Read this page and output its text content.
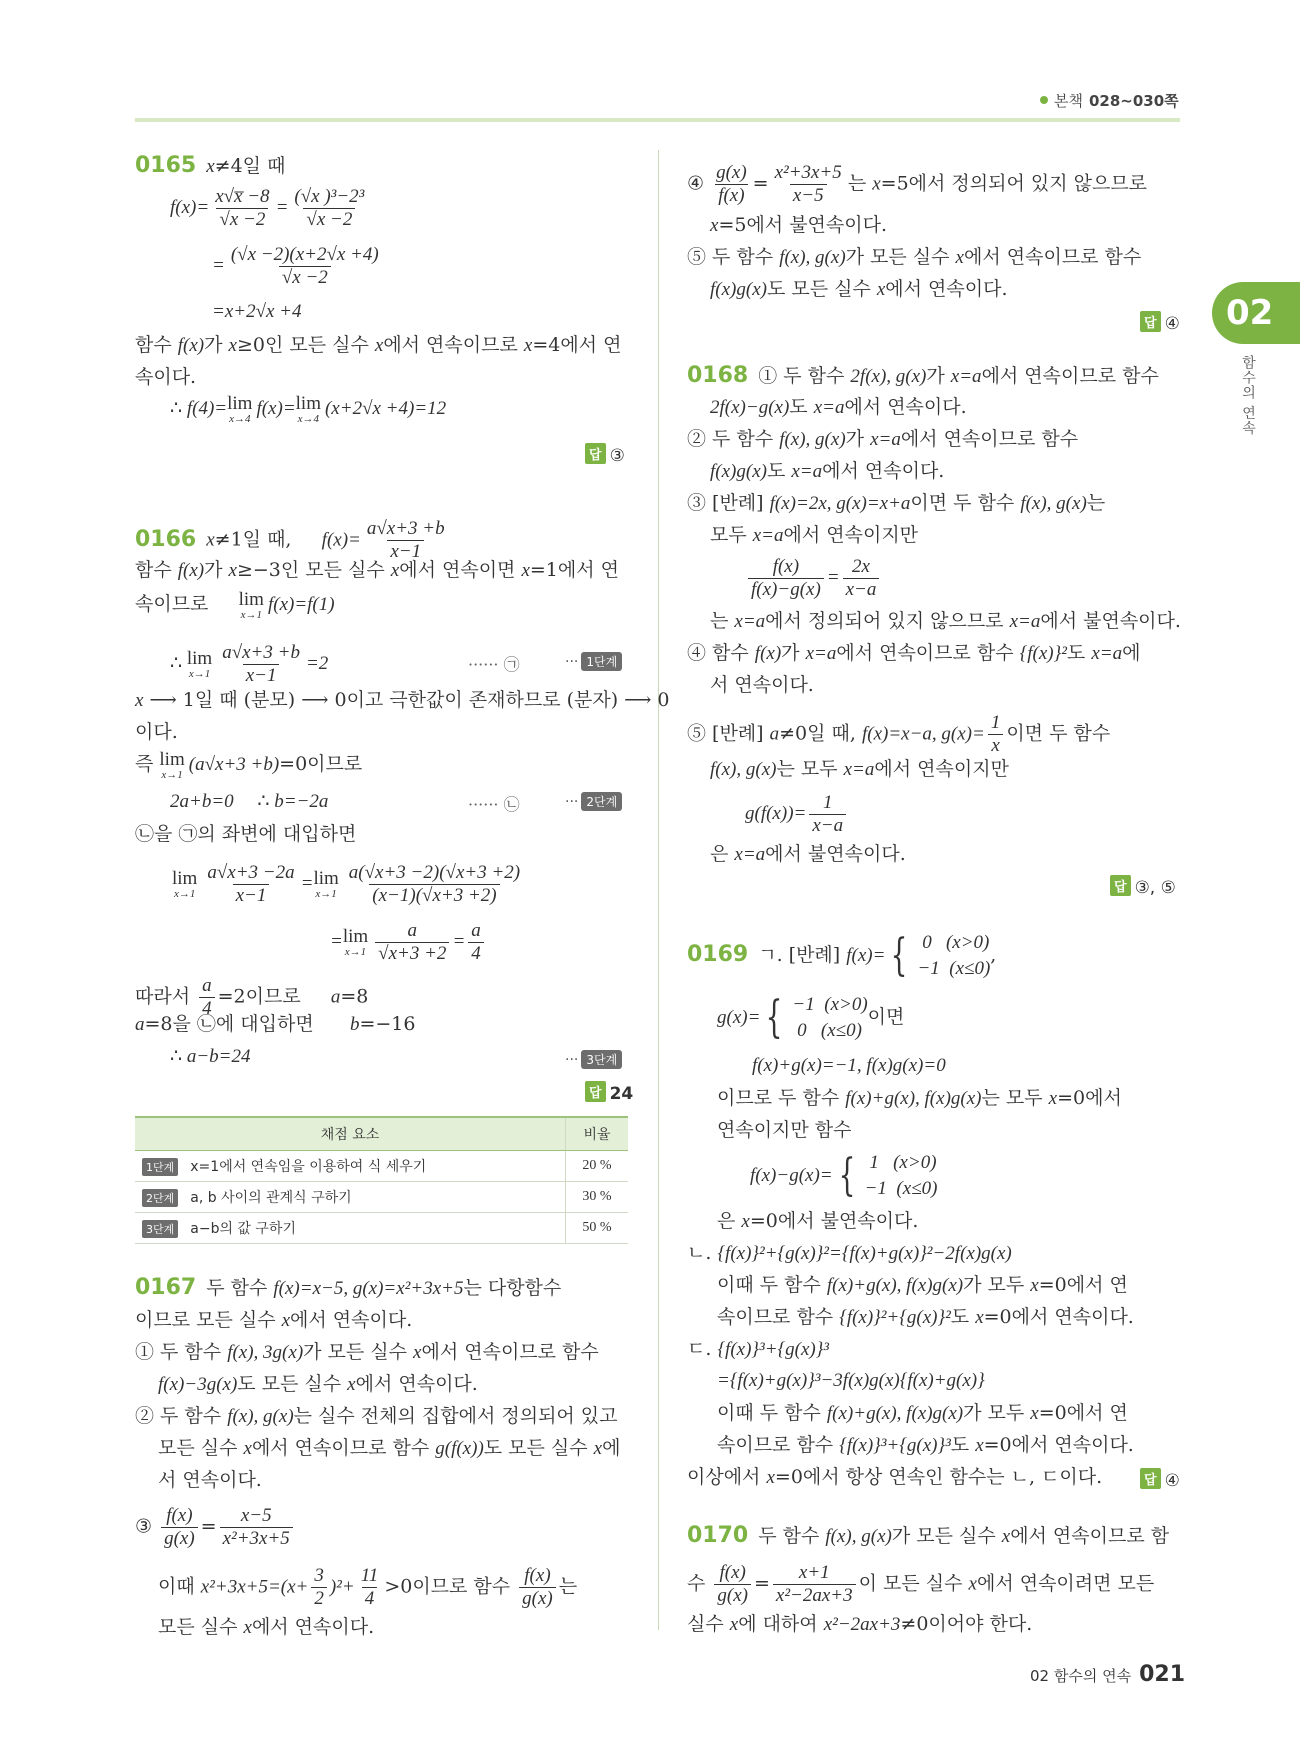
본책 028~030쪽
02
함수의 연속
0165 x≠4일 때
$f(x)= \frac{x√x̅ -8}{√x -2} = \frac{\text{(√x )³−2³}}{√x -2}$
= $\frac{(√x -2)(x+2√x +4)}{√x -2}$
=x+2√x +4
함수 f(x)가 x≥0인 모든 실수 x에서 연속이므로 x=4에서 연
속이다.
∴ f(4)= lim
x→4
f(x)= lim
x→4
(x+2√x +4)=12
답 ③
0166 x≠1일 때,     $f(x)= \frac{a√x+3 +b}{x-1}$
함수 f(x)가 x≥−3인 모든 실수 x에서 연속이면 x=1에서 연
속이므로 lim
x→1
f(x)=f(1)
∴ lim
$x\to 1 \frac{a√x+3 +b}{x-1} =2$	······ ㉠	··· 1단계
x ⟶ 1일 때 (분모) ⟶ 0이고 극한값이 존재하므로 (분자) ⟶ 0
이다.
즉 lim
x→1
(a√x+3 +b)=0이므로
2a+b=0     ∴ b=−2a	······ ㉡	··· 2단계
㉡을 ㉠의 좌변에 대입하면
lim
$x\to 1 \frac{a√x+3 -2a}{x-1} = \lim$
$x\to 1 \frac{a(√x+3 -2)(√x+3 +2)}{(x-1)(√x+3 +2)}$
= lim
$x\to 1 \frac{a}{√x+3 +2} = \frac{a}{4}$
따라서 $\frac{a}{4} =2$이므로     a=8
a=8을 ㉡에 대입하면      b=−16
∴ a−b=24	··· 3단계
답 24
채점 요소	비율
1단계 x=1에서 연속임을 이용하여 식 세우기	20 %
2단계 a, b 사이의 관계식 구하기	30 %
3단계 a−b의 값 구하기	50 %
0167 두 함수 f(x)=x−5, g(x)=x²+3x+5는 다항함수
이므로 모든 실수 x에서 연속이다.
① 두 함수 f(x), 3g(x)가 모든 실수 x에서 연속이므로 함수
f(x)−3g(x)도 모든 실수 x에서 연속이다.
② 두 함수 f(x), g(x)는 실수 전체의 집합에서 정의되어 있고
모든 실수 x에서 연속이므로 함수 g(f(x))도 모든 실수 x에
서 연속이다.
③ $\frac{f(x)}{g(x)} = \frac{x-5}{\text{x²+3x+5}}$
이때 $x^2+3x+5=(x+ \frac{3}{2} )^2+ \frac{11}{4} >0$이므로 함수 $\frac{f(x)}{g(x)}$ 는
모든 실수 x에서 연속이다.
④ $\frac{g(x)}{f(x)} = \frac{\text{x²+3x+5}}{x-5}$ 는 x=5에서 정의되어 있지 않으므로
x=5에서 불연속이다.
⑤ 두 함수 f(x), g(x)가 모든 실수 x에서 연속이므로 함수
f(x)g(x)도 모든 실수 x에서 연속이다.
답 ④
0168 ① 두 함수 2f(x), g(x)가 x=a에서 연속이므로 함수
2f(x)−g(x)도 x=a에서 연속이다.
② 두 함수 f(x), g(x)가 x=a에서 연속이므로 함수
f(x)g(x)도 x=a에서 연속이다.
③ [반례] f(x)=2x, g(x)=x+a이면 두 함수 f(x), g(x)는
모두 x=a에서 연속이지만
$\frac{f(x)}{f(x)-g(x)} = \frac{2x}{x-a}$
는 x=a에서 정의되어 있지 않으므로 x=a에서 불연속이다.
④ 함수 f(x)가 x=a에서 연속이므로 함수 {f(x)}²도 x=a에
서 연속이다.
⑤ [반례] a≠0일 때, f(x)=x−a, $g(x)= \frac{1}{x}$ 이면 두 함수
f(x), g(x)는 모두 x=a에서 연속이지만
$g(f(x))= \frac{1}{x-a}$
은 x=a에서 불연속이다.
답 ③, ⑤
0169 ㄱ. [반례] f(x)= { 0   (x>0)
−1  (x≤0)
,
g(x)= { −1  (x>0)
0   (x≤0)
이면
f(x)+g(x)=−1, f(x)g(x)=0
이므로 두 함수 f(x)+g(x), f(x)g(x)는 모두 x=0에서
연속이지만 함수
f(x)−g(x)= { 1   (x>0)
−1  (x≤0)
은 x=0에서 불연속이다.
ㄴ. {f(x)}²+{g(x)}²={f(x)+g(x)}²−2f(x)g(x)
이때 두 함수 f(x)+g(x), f(x)g(x)가 모두 x=0에서 연
속이므로 함수 {f(x)}²+{g(x)}²도 x=0에서 연속이다.
ㄷ. {f(x)}³+{g(x)}³
={f(x)+g(x)}³−3f(x)g(x){f(x)+g(x)}
이때 두 함수 f(x)+g(x), f(x)g(x)가 모두 x=0에서 연
속이므로 함수 {f(x)}³+{g(x)}³도 x=0에서 연속이다.
이상에서 x=0에서 항상 연속인 함수는 ㄴ, ㄷ이다.	답 ④
0170 두 함수 f(x), g(x)가 모든 실수 x에서 연속이므로 함
수 $\frac{f(x)}{g(x)} = \frac{x+1}{\text{x²−2ax+3}}$ 이 모든 실수 x에서 연속이려면 모든
실수 x에 대하여 x²−2ax+3≠0이어야 한다.
02 함수의 연속 021
